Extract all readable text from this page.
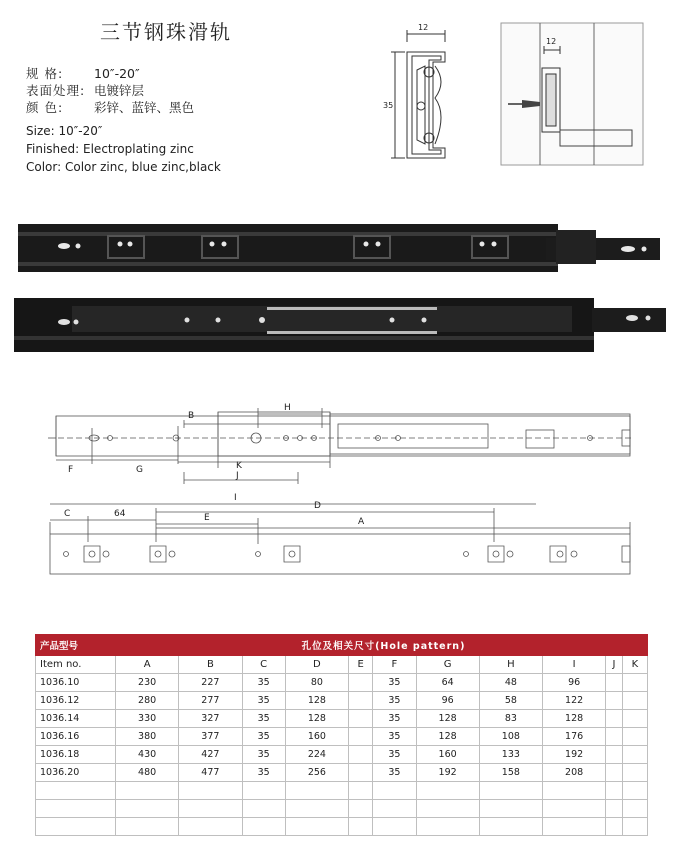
三节钢珠滑轨
规 格: 10″-20″
表面处理: 电镀锌层
颜 色: 彩锌、蓝锌、黑色
Size: 10″-20″
Finished: Electroplating zinc
Color: Color zinc, blue zinc,black
12
35
12
B
H
F	G	K
J
I
C	64
D
E	A
产品型号	孔位及相关尺寸(Hole pattern)										
Item no.	A	B	C	D	E	F	G	H	I	J	K
1036.10	230	227	35	80		35	64	48	96		
1036.12	280	277	35	128		35	96	58	122		
1036.14	330	327	35	128		35	128	83	128		
1036.16	380	377	35	160		35	128	108	176		
1036.18	430	427	35	224		35	160	133	192		
1036.20	480	477	35	256		35	192	158	208		
